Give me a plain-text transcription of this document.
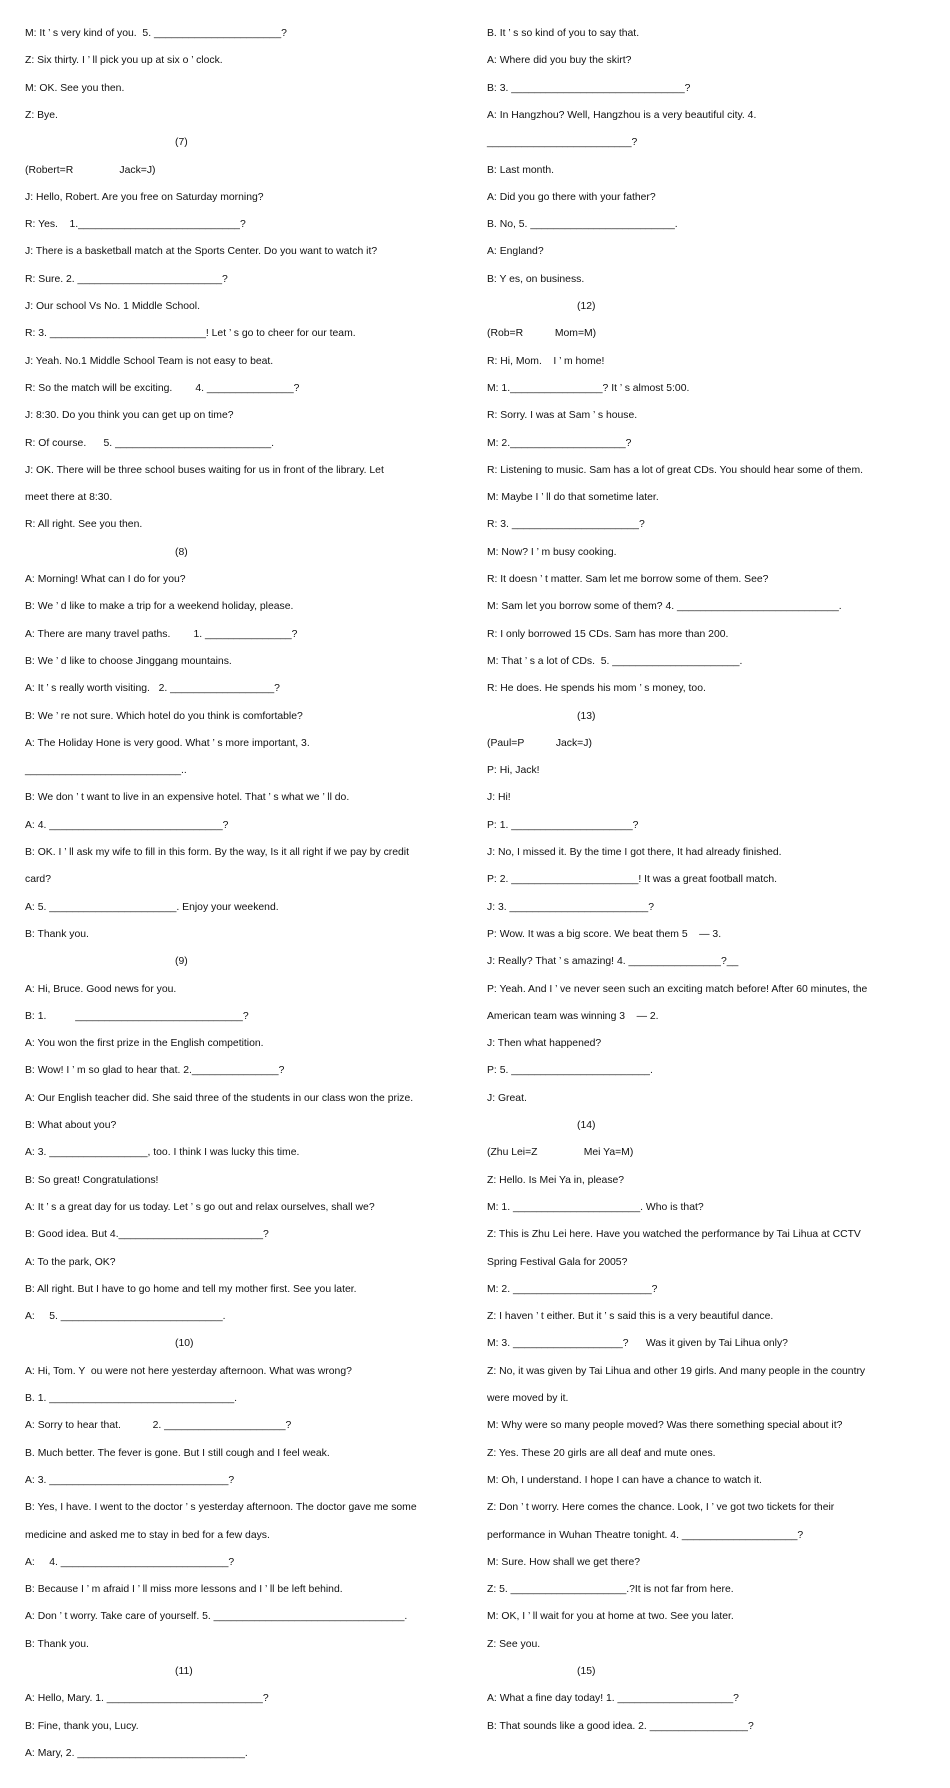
M: It ’ s very kind of you.  5. ______________________?
Z: Six thirty. I ’ ll pick you up at six o ’ clock.
M: OK. See you then.
Z: Bye.
(7)
(Robert=R                Jack=J)
J: Hello, Robert. Are you free on Saturday morning?
R: Yes.    1.____________________________?
J: There is a basketball match at the Sports Center. Do you want to watch it?
R: Sure. 2. _________________________?
J: Our school Vs No. 1 Middle School.
R: 3. ___________________________! Let ’ s go to cheer for our team.
J: Yeah. No.1 Middle School Team is not easy to beat.
R: So the match will be exciting.        4. _______________?
J: 8:30. Do you think you can get up on time?
R: Of course.      5. ___________________________.
J: OK. There will be three school buses waiting for us in front of the library. Let
meet there at 8:30.
R: All right. See you then.
(8)
A: Morning! What can I do for you?
B: We ’ d like to make a trip for a weekend holiday, please.
A: There are many travel paths.        1. _______________?
B: We ’ d like to choose Jinggang mountains.
A: It ’ s really worth visiting.   2. __________________?
B: We ’ re not sure. Which hotel do you think is comfortable?
A: The Holiday Hone is very good. What ’ s more important, 3.
___________________________..
B: We don ’ t want to live in an expensive hotel. That ’ s what we ’ ll do.
A: 4. ______________________________?
B: OK. I ’ ll ask my wife to fill in this form. By the way, Is it all right if we pay by credit
card?
A: 5. ______________________. Enjoy your weekend.
B: Thank you.
(9)
A: Hi, Bruce. Good news for you.
B: 1.          _____________________________?
A: You won the first prize in the English competition.
B: Wow! I ’ m so glad to hear that. 2._______________?
A: Our English teacher did. She said three of the students in our class won the prize.
B: What about you?
A: 3. _________________, too. I think I was lucky this time.
B: So great! Congratulations!
A: It ’ s a great day for us today. Let ’ s go out and relax ourselves, shall we?
B: Good idea. But 4._________________________?
A: To the park, OK?
B: All right. But I have to go home and tell my mother first. See you later.
A:     5. ____________________________.
(10)
A: Hi, Tom. Y  ou were not here yesterday afternoon. What was wrong?
B. 1. ________________________________.
A: Sorry to hear that.           2. _____________________?
B. Much better. The fever is gone. But I still cough and I feel weak.
A: 3. _______________________________?
B: Yes, I have. I went to the doctor ’ s yesterday afternoon. The doctor gave me some
medicine and asked me to stay in bed for a few days.
A:     4. _____________________________?
B: Because I ’ m afraid I ’ ll miss more lessons and I ’ ll be left behind.
A: Don ’ t worry. Take care of yourself. 5. _________________________________.
B: Thank you.
(11)
A: Hello, Mary. 1. ___________________________?
B: Fine, thank you, Lucy.
A: Mary, 2. _____________________________.
B. It ’ s so kind of you to say that.
A: Where did you buy the skirt?
B: 3. ______________________________?
A: In Hangzhou? Well, Hangzhou is a very beautiful city. 4.
_________________________?
B: Last month.
A: Did you go there with your father?
B. No, 5. _________________________.
A: England?
B: Y es, on business.
(12)
(Rob=R           Mom=M)
R: Hi, Mom.    I ’ m home!
M: 1.________________? It ’ s almost 5:00.
R: Sorry. I was at Sam ’ s house.
M: 2.____________________?
R: Listening to music. Sam has a lot of great CDs. You should hear some of them.
M: Maybe I ’ ll do that sometime later.
R: 3. ______________________?
M: Now? I ’ m busy cooking.
R: It doesn ’ t matter. Sam let me borrow some of them. See?
M: Sam let you borrow some of them? 4. ____________________________.
R: I only borrowed 15 CDs. Sam has more than 200.
M: That ’ s a lot of CDs.  5. ______________________.
R: He does. He spends his mom ’ s money, too.
(13)
(Paul=P           Jack=J)
P: Hi, Jack!
J: Hi!
P: 1. _____________________?
J: No, I missed it. By the time I got there, It had already finished.
P: 2. ______________________! It was a great football match.
J: 3. ________________________?
P: Wow. It was a big score. We beat them 5    — 3.
J: Really? That ’ s amazing! 4. ________________?__
P: Yeah. And I ’ ve never seen such an exciting match before! After 60 minutes, the
American team was winning 3    — 2.
J: Then what happened?
P: 5. ________________________.
J: Great.
(14)
(Zhu Lei=Z                Mei Ya=M)
Z: Hello. Is Mei Ya in, please?
M: 1. ______________________. Who is that?
Z: This is Zhu Lei here. Have you watched the performance by Tai Lihua at CCTV
Spring Festival Gala for 2005?
M: 2. ________________________?
Z: I haven ’ t either. But it ’ s said this is a very beautiful dance.
M: 3. ___________________?      Was it given by Tai Lihua only?
Z: No, it was given by Tai Lihua and other 19 girls. And many people in the country
were moved by it.
M: Why were so many people moved? Was there something special about it?
Z: Yes. These 20 girls are all deaf and mute ones.
M: Oh, I understand. I hope I can have a chance to watch it.
Z: Don ’ t worry. Here comes the chance. Look, I ’ ve got two tickets for their
performance in Wuhan Theatre tonight. 4. ____________________?
M: Sure. How shall we get there?
Z: 5. ____________________.?It is not far from here.
M: OK, I ’ ll wait for you at home at two. See you later.
Z: See you.
(15)
A: What a fine day today! 1. ____________________?
B: That sounds like a good idea. 2. _________________?
